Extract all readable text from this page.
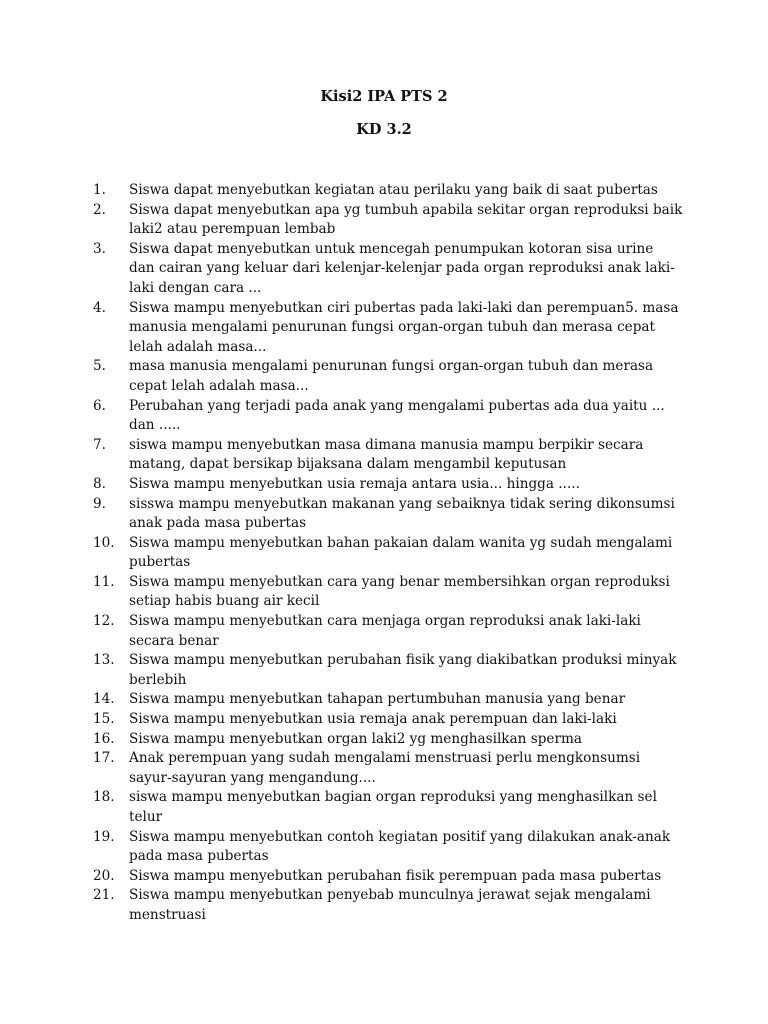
Kisi2 IPA PTS 2
KD 3.2
1.	Siswa dapat menyebutkan kegiatan atau perilaku yang baik di saat pubertas
2.	Siswa dapat menyebutkan apa yg tumbuh apabila sekitar organ reproduksi baik laki2 atau perempuan lembab
3.	Siswa dapat menyebutkan untuk mencegah penumpukan kotoran sisa urine dan cairan yang keluar dari kelenjar-kelenjar pada organ reproduksi anak laki-laki dengan cara ...
4.	Siswa mampu menyebutkan ciri pubertas pada laki-laki dan perempuan5. masa manusia mengalami penurunan fungsi organ-organ tubuh dan merasa cepat lelah adalah masa...
5.	masa manusia mengalami penurunan fungsi organ-organ tubuh dan merasa cepat lelah adalah masa...
6.	Perubahan yang terjadi pada anak yang mengalami pubertas ada dua yaitu ... dan .....
7.	siswa mampu menyebutkan masa dimana manusia mampu berpikir secara matang, dapat bersikap bijaksana dalam mengambil keputusan
8.	Siswa mampu menyebutkan usia remaja antara usia... hingga .....
9.	sisswa mampu menyebutkan makanan yang sebaiknya tidak sering dikonsumsi anak pada masa pubertas
10.	Siswa mampu menyebutkan bahan pakaian dalam wanita yg sudah mengalami pubertas
11.	Siswa mampu menyebutkan cara yang benar membersihkan organ reproduksi setiap habis buang air kecil
12.	Siswa mampu menyebutkan cara menjaga organ reproduksi anak laki-laki secara benar
13.	Siswa mampu menyebutkan perubahan fisik yang diakibatkan produksi minyak berlebih
14.	Siswa mampu menyebutkan tahapan pertumbuhan manusia yang benar
15.	Siswa mampu menyebutkan usia remaja anak perempuan dan laki-laki
16.	Siswa mampu menyebutkan organ laki2 yg menghasilkan sperma
17.	Anak perempuan yang sudah mengalami menstruasi perlu mengkonsumsi sayur-sayuran yang mengandung....
18.	siswa mampu menyebutkan bagian organ reproduksi yang menghasilkan sel telur
19.	Siswa mampu menyebutkan contoh kegiatan positif yang dilakukan anak-anak pada masa pubertas
20.	Siswa mampu menyebutkan perubahan fisik perempuan pada masa pubertas
21.	Siswa mampu menyebutkan penyebab munculnya jerawat sejak mengalami menstruasi
